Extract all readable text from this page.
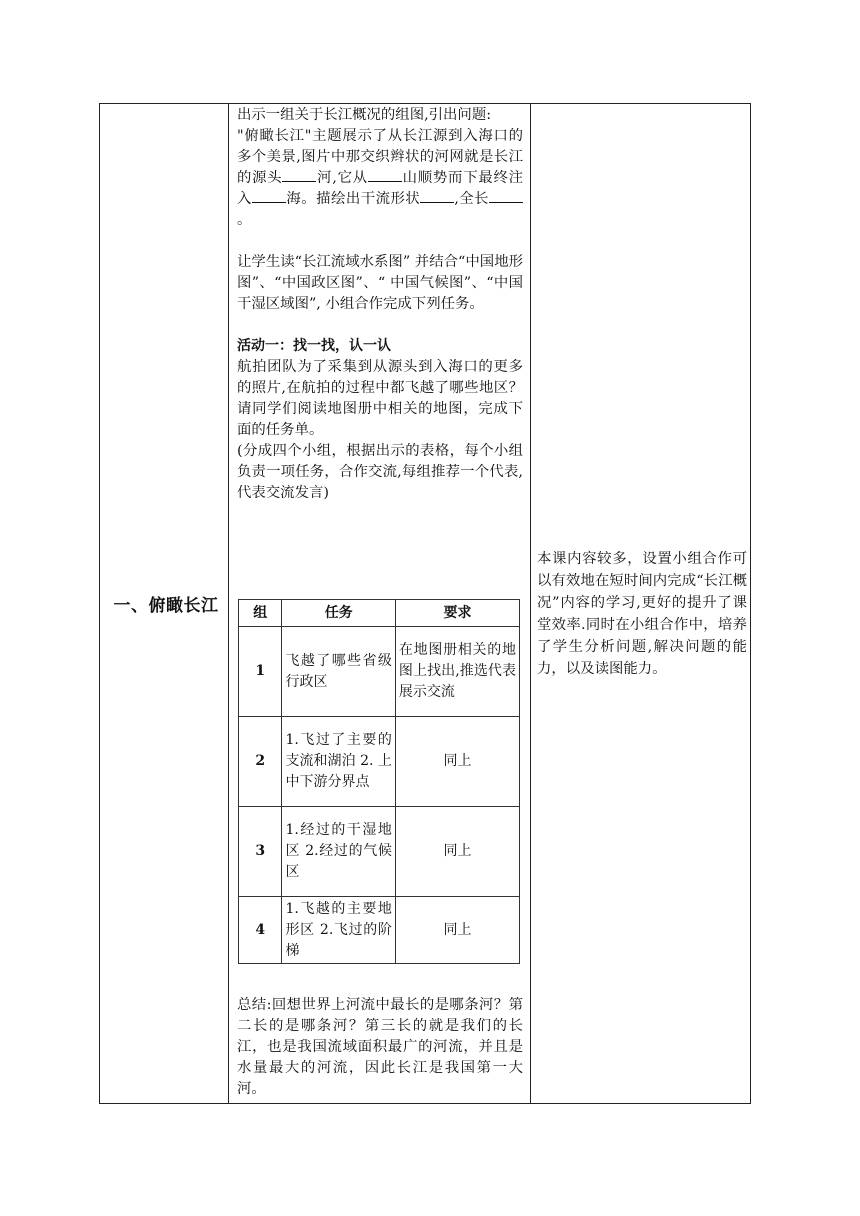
一、俯瞰长江

出示一组关于长江概况的组图,引出问题:

"俯瞰长江"主题展示了从长江源到入海口的多个美景,图片中那交织辫状的河网就是长江的源头 河,它从 山顺势而下最终注入 海。描绘出干流形状 ,全长。

让学生读“长江流域水系图” 并结合“中国地形图”、“中国政区图”、“ 中国气候图”、“中国干湿区域图”, 小组合作完成下列任务。

活动一：找一找，认一认

航拍团队为了采集到从源头到入海口的更多的照片,在航拍的过程中都飞越了哪些地区？请同学们阅读地图册中相关的地图，完成下面的任务单。

(分成四个小组，根据出示的表格，每个小组负责一项任务，合作交流,每组推荐一个代表,代表交流发言)

组	任务	要求
1	飞越了哪些省级行政区	在地图册相关的地图上找出,推选代表展示交流
2	1.飞过了主要的支流和湖泊 2. 上中下游分界点	同上
3	1.经过的干湿地区 2.经过的气候区	同上
4	1.飞越的主要地形区 2.飞过的阶梯	同上

总结:回想世界上河流中最长的是哪条河？第二长的是哪条河？第三长的就是我们的长江，也是我国流域面积最广的河流，并且是水量最大的河流，因此长江是我国第一大河。

本课内容较多，设置小组合作可以有效地在短时间内完成“长江概况”内容的学习,更好的提升了课堂效率.同时在小组合作中，培养了学生分析问题,解决问题的能力，以及读图能力。
